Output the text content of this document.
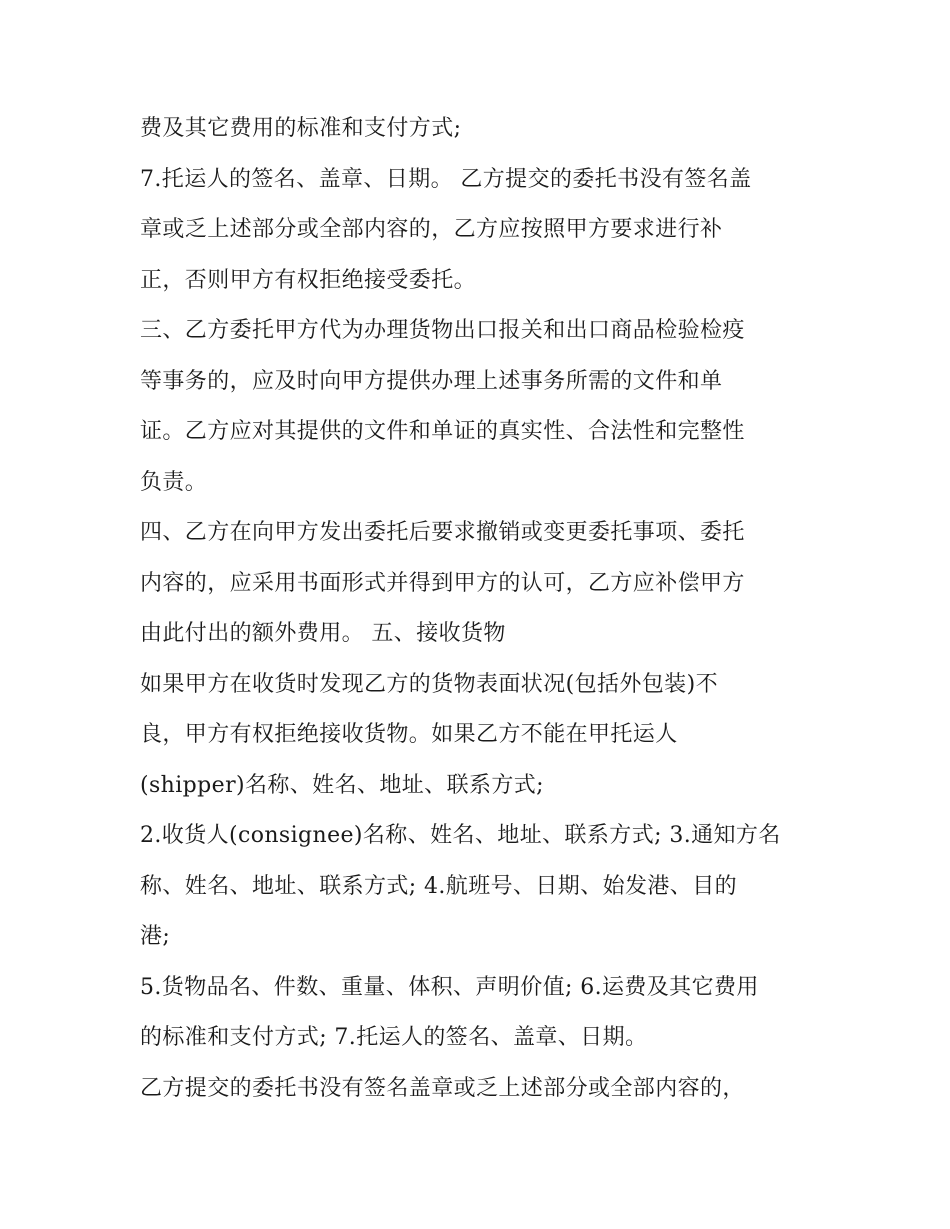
费及其它费用的标准和支付方式;
7.托运人的签名、盖章、日期。 乙方提交的委托书没有签名盖
章或乏上述部分或全部内容的，乙方应按照甲方要求进行补
正，否则甲方有权拒绝接受委托。
三、乙方委托甲方代为办理货物出口报关和出口商品检验检疫
等事务的，应及时向甲方提供办理上述事务所需的文件和单
证。乙方应对其提供的文件和单证的真实性、合法性和完整性
负责。
四、乙方在向甲方发出委托后要求撤销或变更委托事项、委托
内容的，应采用书面形式并得到甲方的认可，乙方应补偿甲方
由此付出的额外费用。 五、接收货物
如果甲方在收货时发现乙方的货物表面状况(包括外包装)不
良，甲方有权拒绝接收货物。如果乙方不能在甲托运人
(shipper)名称、姓名、地址、联系方式;
2.收货人(consignee)名称、姓名、地址、联系方式; 3.通知方名
称、姓名、地址、联系方式; 4.航班号、日期、始发港、目的
港;
5.货物品名、件数、重量、体积、声明价值; 6.运费及其它费用
的标准和支付方式; 7.托运人的签名、盖章、日期。
乙方提交的委托书没有签名盖章或乏上述部分或全部内容的，
